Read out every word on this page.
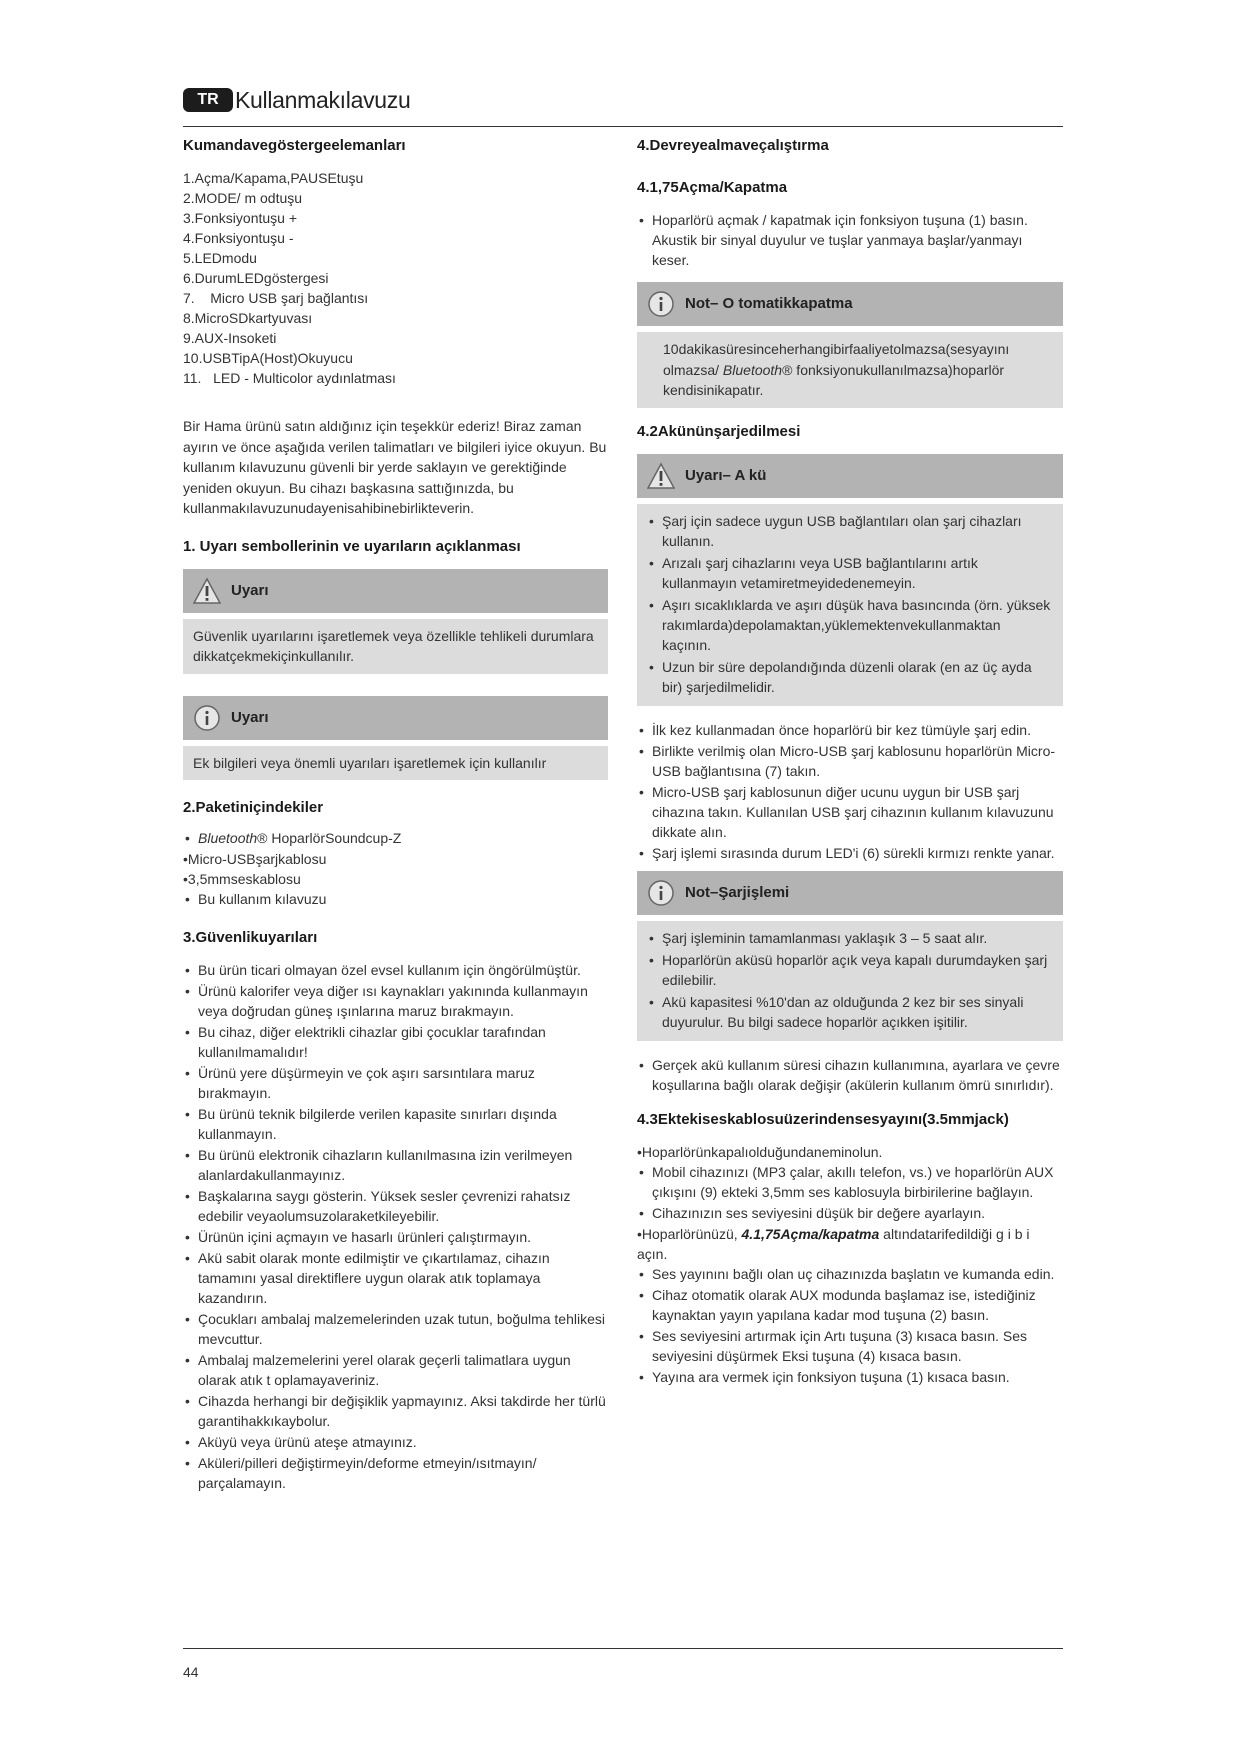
TR Kullanmakılavuzu
Kumandavegöstergeelemanları
1.Açma/Kapama,PAUSEtuşu
2.MODE/ m odtuşu
3.Fonksiyontuşu +
4.Fonksiyontuşu -
5.LEDmodu
6.DurumLEDgöstergesi
7.    Micro USB şarj bağlantısı
8.MicroSDkartyuvası
9.AUX-Insoketi
10.USBTipA(Host)Okuyucu
11.   LED - Multicolor aydınlatması

Bir Hama ürünü satın aldığınız için teşekkür ederiz! Biraz zaman ayırın ve önce aşağıda verilen talimatları ve bilgileri iyice okuyun. Bu kullanım kılavuzunu güvenli bir yerde saklayın ve gerektiğinde yeniden okuyun. Bu cihazı başkasına sattığınızda, bu kullanmakılavuzunudayenisahibinebirlikteverin.

1. Uyarı sembollerinin ve uyarıların açıklanması
Uyarı

Güvenlik uyarılarını işaretlemek veya özellikle tehlikeli durumlara dikkatçekmekiçinkullanılır.

Uyarı

Ek bilgileri veya önemli uyarıları işaretlemek için kullanılır

2.Paketiniçindekiler
• Bluetooth® HoparlörSoundcup-Z
•Micro-USBşarjkablosu
•3,5mmseskablosu
• Bu kullanım kılavuzu
3.Güvenlikuyarıları
• Bu ürün ticari olmayan özel evsel kullanım için öngörülmüştür.
• Ürünü kalorifer veya diğer ısı kaynakları yakınında kullanmayın veya doğrudan güneş ışınlarına maruz bırakmayın.
• Bu cihaz, diğer elektrikli cihazlar gibi çocuklar tarafından kullanılmamalıdır!
• Ürünü yere düşürmeyin ve çok aşırı sarsıntılara maruz bırakmayın.
• Bu ürünü teknik bilgilerde verilen kapasite sınırları dışında kullanmayın.
• Bu ürünü elektronik cihazların kullanılmasına izin verilmeyen alanlardakullanmayınız.
• Başkalarına saygı gösterin. Yüksek sesler çevrenizi rahatsız edebilir veyaolumsuzolaraketkileyebilir.
• Ürünün içini açmayın ve hasarlı ürünleri çalıştırmayın.
• Akü sabit olarak monte edilmiştir ve çıkartılamaz, cihazın tamamını yasal direktiflere uygun olarak atık toplamaya kazandırın.
• Çocukları ambalaj malzemelerinden uzak tutun, boğulma tehlikesi mevcuttur.
• Ambalaj malzemelerini yerel olarak geçerli talimatlara uygun olarak atık t oplamayaveriniz.
• Cihazda herhangi bir değişiklik yapmayınız. Aksi takdirde her türlü garantihakkıkaybolur.
• Aküyü veya ürünü ateşe atmayınız.
• Aküleri/pilleri değiştirmeyin/deforme etmeyin/ısıtmayın/ parçalamayın.
4.Devreyealmaveçalıştırma
4.1,75Açma/Kapatma
• Hoparlörü açmak / kapatmak için fonksiyon tuşuna (1) basın. Akustik bir sinyal duyulur ve tuşlar yanmaya başlar/yanmayı keser.
Not– O tomatikkapatma

10dakikasüresinceherhangibirfaaliyetolmazsa(sesyayını olmazsa/ Bluetooth® fonksiyonukullanılmazsa)hoparlör kendisinikapatır.

4.2Akününşarjedilmesi
Uyarı– A kü
• Şarj için sadece uygun USB bağlantıları olan şarj cihazları kullanın.
• Arızalı şarj cihazlarını veya USB bağlantılarını artık kullanmayın vetamiretmeyidedenemeyin.
• Aşırı sıcaklıklarda ve aşırı düşük hava basıncında (örn. yüksek rakımlarda)depolamaktan,yüklemektenvekullanmaktan kaçının.
• Uzun bir süre depolandığında düzenli olarak (en az üç ayda bir) şarjedilmelidir.
• İlk kez kullanmadan önce hoparlörü bir kez tümüyle şarj edin.
• Birlikte verilmiş olan Micro-USB şarj kablosunu hoparlörün Micro-USB bağlantısına (7) takın.
• Micro-USB şarj kablosunun diğer ucunu uygun bir USB şarj cihazına takın. Kullanılan USB şarj cihazının kullanım kılavuzunu dikkate alın.
• Şarj işlemi sırasında durum LED'i (6) sürekli kırmızı renkte yanar.
Not–Şarjişlemi
• Şarj işleminin tamamlanması yaklaşık 3 – 5 saat alır.
• Hoparlörün aküsü hoparlör açık veya kapalı durumdayken şarj edilebilir.
• Akü kapasitesi %10'dan az olduğunda 2 kez bir ses sinyali duyurulur. Bu bilgi sadece hoparlör açıkken işitilir.
• Gerçek akü kullanım süresi cihazın kullanımına, ayarlara ve çevre koşullarına bağlı olarak değişir (akülerin kullanım ömrü sınırlıdır).
4.3Ektekiseskablosuüzerindensesyayını(3.5mmjack)
•Hoparlörünkapalıolduğundaneminolun.
• Mobil cihazınızı (MP3 çalar, akıllı telefon, vs.) ve hoparlörün AUX çıkışını (9) ekteki 3,5mm ses kablosuyla birbirilerine bağlayın.
• Cihazınızın ses seviyesini düşük bir değere ayarlayın.
•Hoparlörünüzü, 4.1,75Açma/kapatma altındatarifedildiği g i b i açın.
• Ses yayınını bağlı olan uç cihazınızda başlatın ve kumanda edin.
• Cihaz otomatik olarak AUX modunda başlamaz ise, istediğiniz kaynaktan yayın yapılana kadar mod tuşuna (2) basın.
• Ses seviyesini artırmak için Artı tuşuna (3) kısaca basın. Ses seviyesini düşürmek Eksi tuşuna (4) kısaca basın.
• Yayına ara vermek için fonksiyon tuşuna (1) kısaca basın.
44
